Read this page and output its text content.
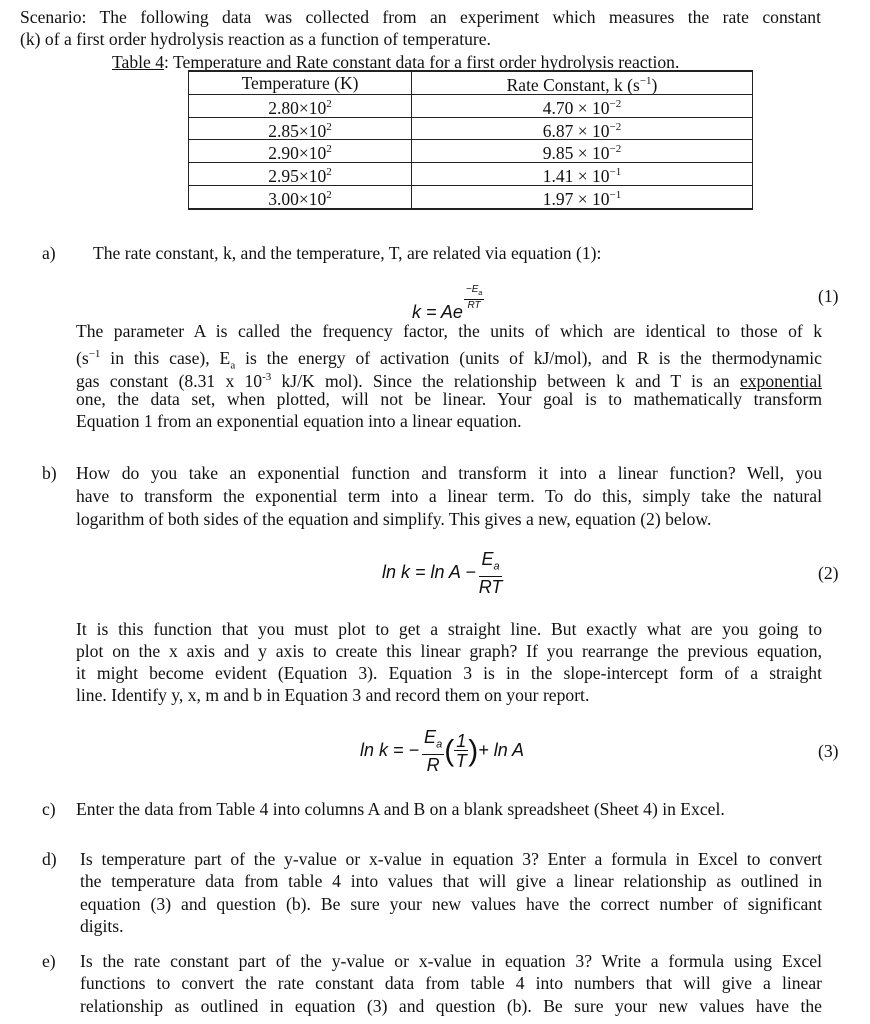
Scenario: The following data was collected from an experiment which measures the rate constant
(k) of a first order hydrolysis reaction as a function of temperature.
Table 4: Temperature and Rate constant data for a first order hydrolysis reaction.
Temperature (K)	Rate Constant, k $(s^{-1})$
$2.80\times 10^2$	$4.70 \times 10^{-2}$
$2.85\times 10^2$	$6.87 \times 10^{-2}$
$2.90\times 10^2$	$9.85 \times 10^{-2}$
$2.95\times 10^2$	$1.41 \times 10^{-1}$
$3.00\times 10^2$	$1.97 \times 10^{-1}$
a) The rate constant, k, and the temperature, T, are related via equation (1):
k = Ae
$\frac{-E_a}{RT}$	(1)
The parameter A is called the frequency factor, the units of which are identical to those of k
($s^{-1}$ in this case), $E_a$ is the energy of activation (units of kJ/mol), and R is the thermodynamic
gas constant (8.31 x $10^{-3}$ kJ/K mol). Since the relationship between k and T is an exponential
one, the data set, when plotted, will not be linear. Your goal is to mathematically transform
Equation 1 from an exponential equation into a linear equation.
b) How do you take an exponential function and transform it into a linear function? Well, you
have to transform the exponential term into a linear term. To do this, simply take the natural
logarithm of both sides of the equation and simplify. This gives a new, equation (2) below.
$\ln k = \ln A - \frac{E_a}{RT}$	(2)
It is this function that you must plot to get a straight line. But exactly what are you going to
plot on the x axis and y axis to create this linear graph? If you rearrange the previous equation,
it might become evident (Equation 3). Equation 3 is in the slope-intercept form of a straight
line. Identify y, x, m and b in Equation 3 and record them on your report.
ln k = − $\frac{E_a}{R}$ ( $\frac{1}{T}$ )+ ln A	(3)
c) Enter the data from Table 4 into columns A and B on a blank spreadsheet (Sheet 4) in Excel.
d) Is temperature part of the y-value or x-value in equation 3? Enter a formula in Excel to convert
the temperature data from table 4 into values that will give a linear relationship as outlined in
equation (3) and question (b). Be sure your new values have the correct number of significant
digits.
e) Is the rate constant part of the y-value or x-value in equation 3? Write a formula using Excel
functions to convert the rate constant data from table 4 into numbers that will give a linear
relationship as outlined in equation (3) and question (b). Be sure your new values have the
